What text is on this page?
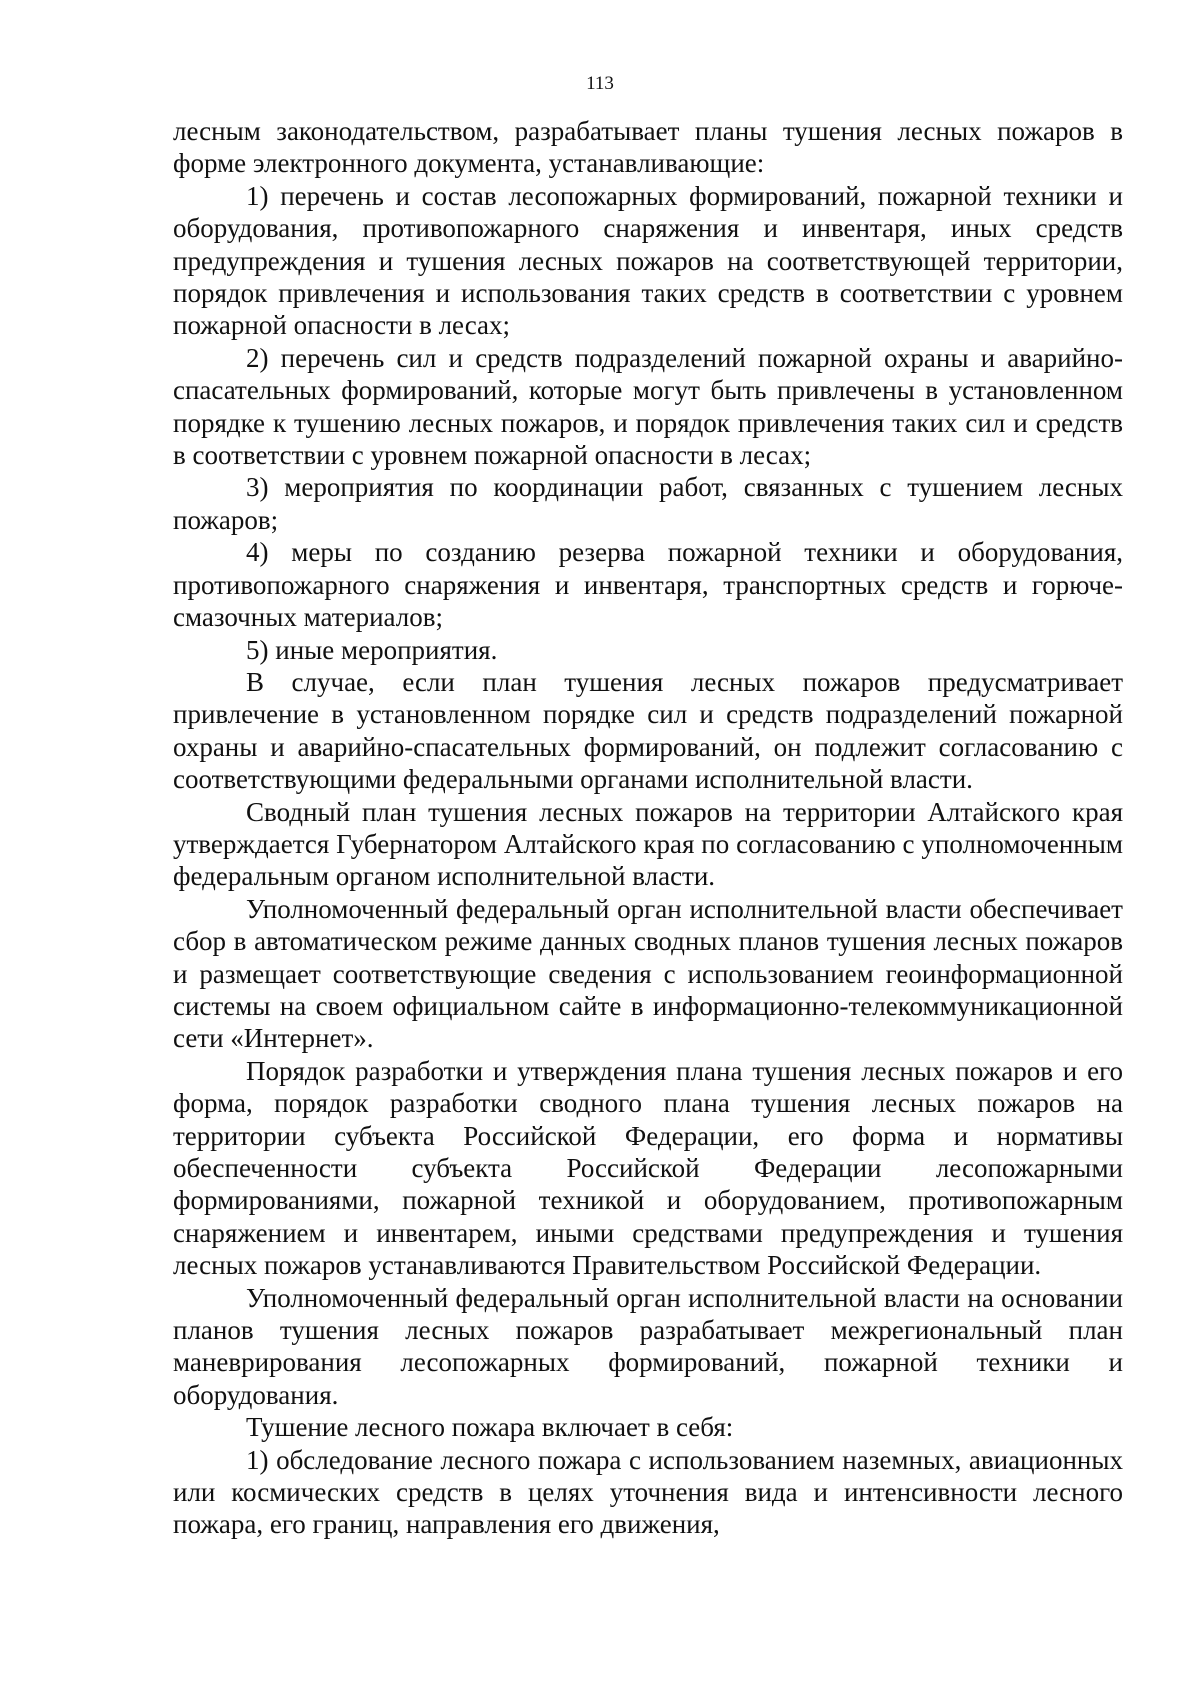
113

лесным законодательством, разрабатывает планы тушения лесных пожаров в форме электронного документа, устанавливающие:

1) перечень и состав лесопожарных формирований, пожарной техники и оборудования, противопожарного снаряжения и инвентаря, иных средств предупреждения и тушения лесных пожаров на соответствующей территории, порядок привлечения и использования таких средств в соответствии с уровнем пожарной опасности в лесах;

2) перечень сил и средств подразделений пожарной охраны и аварийно-спасательных формирований, которые могут быть привлечены в установленном порядке к тушению лесных пожаров, и порядок привлечения таких сил и средств в соответствии с уровнем пожарной опасности в лесах;

3) мероприятия по координации работ, связанных с тушением лесных пожаров;

4) меры по созданию резерва пожарной техники и оборудования, противопожарного снаряжения и инвентаря, транспортных средств и горюче-смазочных материалов;

5) иные мероприятия.

В случае, если план тушения лесных пожаров предусматривает привлечение в установленном порядке сил и средств подразделений пожарной охраны и аварийно-спасательных формирований, он подлежит согласованию с соответствующими федеральными органами исполнительной власти.

Сводный план тушения лесных пожаров на территории Алтайского края утверждается Губернатором Алтайского края по согласованию с уполномоченным федеральным органом исполнительной власти.

Уполномоченный федеральный орган исполнительной власти обеспечивает сбор в автоматическом режиме данных сводных планов тушения лесных пожаров и размещает соответствующие сведения с использованием геоинформационной системы на своем официальном сайте в информационно-телекоммуникационной сети «Интернет».

Порядок разработки и утверждения плана тушения лесных пожаров и его форма, порядок разработки сводного плана тушения лесных пожаров на территории субъекта Российской Федерации, его форма и нормативы обеспеченности субъекта Российской Федерации лесопожарными формированиями, пожарной техникой и оборудованием, противопожарным снаряжением и инвентарем, иными средствами предупреждения и тушения лесных пожаров устанавливаются Правительством Российской Федерации.

Уполномоченный федеральный орган исполнительной власти на основании планов тушения лесных пожаров разрабатывает межрегиональный план маневрирования лесопожарных формирований, пожарной техники и оборудования.

Тушение лесного пожара включает в себя:

1) обследование лесного пожара с использованием наземных, авиационных или космических средств в целях уточнения вида и интенсивности лесного пожара, его границ, направления его движения,
